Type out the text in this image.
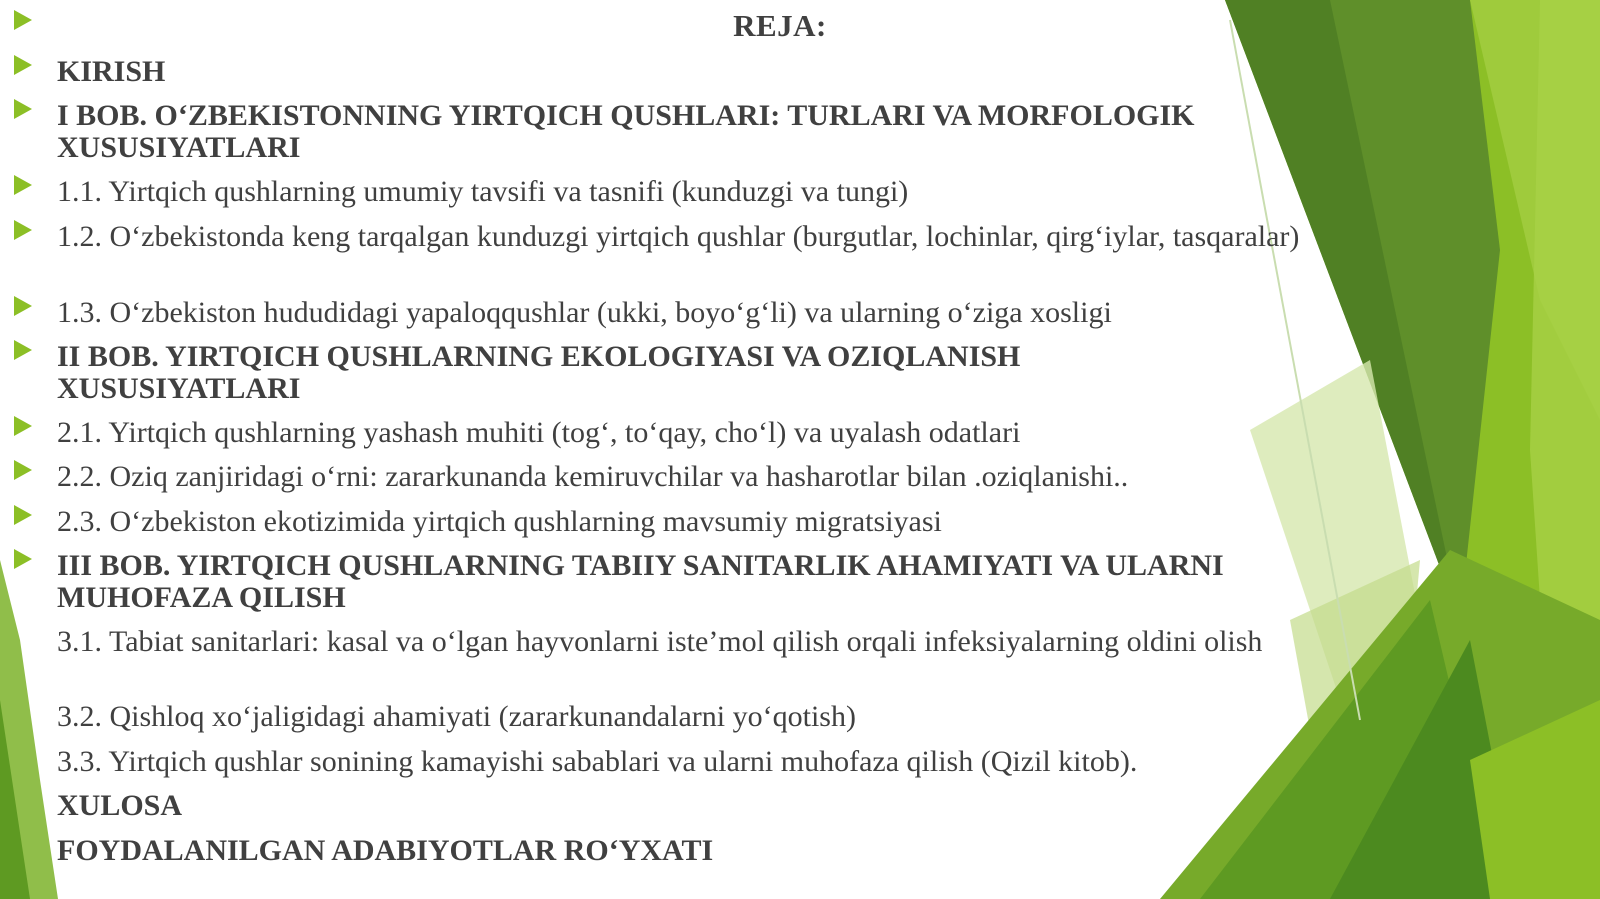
REJA:
KIRISH
I BOB. O‘ZBEKISTONNING YIRTQICH QUSHLARI: TURLARI VA MORFOLOGIK XUSUSIYATLARI
1.1. Yirtqich qushlarning umumiy tavsifi va tasnifi (kunduzgi va tungi)
1.2. O‘zbekistonda keng tarqalgan kunduzgi yirtqich qushlar (burgutlar, lochinlar, qirg‘iylar, tasqaralar)
1.3. O‘zbekiston hududidagi yapaloqqushlar (ukki, boyo‘g‘li) va ularning o‘ziga xosligi
II BOB. YIRTQICH QUSHLARNING EKOLOGIYASI VA OZIQLANISH XUSUSIYATLARI
2.1. Yirtqich qushlarning yashash muhiti (tog‘, to‘qay, cho‘l) va uyalash odatlari
2.2. Oziq zanjiridagi o‘rni: zararkunanda kemiruvchilar va hasharotlar bilan .oziqlanishi..
2.3. O‘zbekiston ekotizimida yirtqich qushlarning mavsumiy migratsiyasi
III BOB. YIRTQICH QUSHLARNING TABIIY SANITARLIK AHAMIYATI VA ULARNI MUHOFAZA QILISH
3.1. Tabiat sanitarlari: kasal va o‘lgan hayvonlarni iste’mol qilish orqali infeksiyalarning oldini olish
3.2. Qishloq xo‘jaligidagi ahamiyati (zararkunandalarni yo‘qotish)
3.3. Yirtqich qushlar sonining kamayishi sabablari va ularni muhofaza qilish (Qizil kitob).
XULOSA
FOYDALANILGAN ADABIYOTLAR RO‘YXATI
